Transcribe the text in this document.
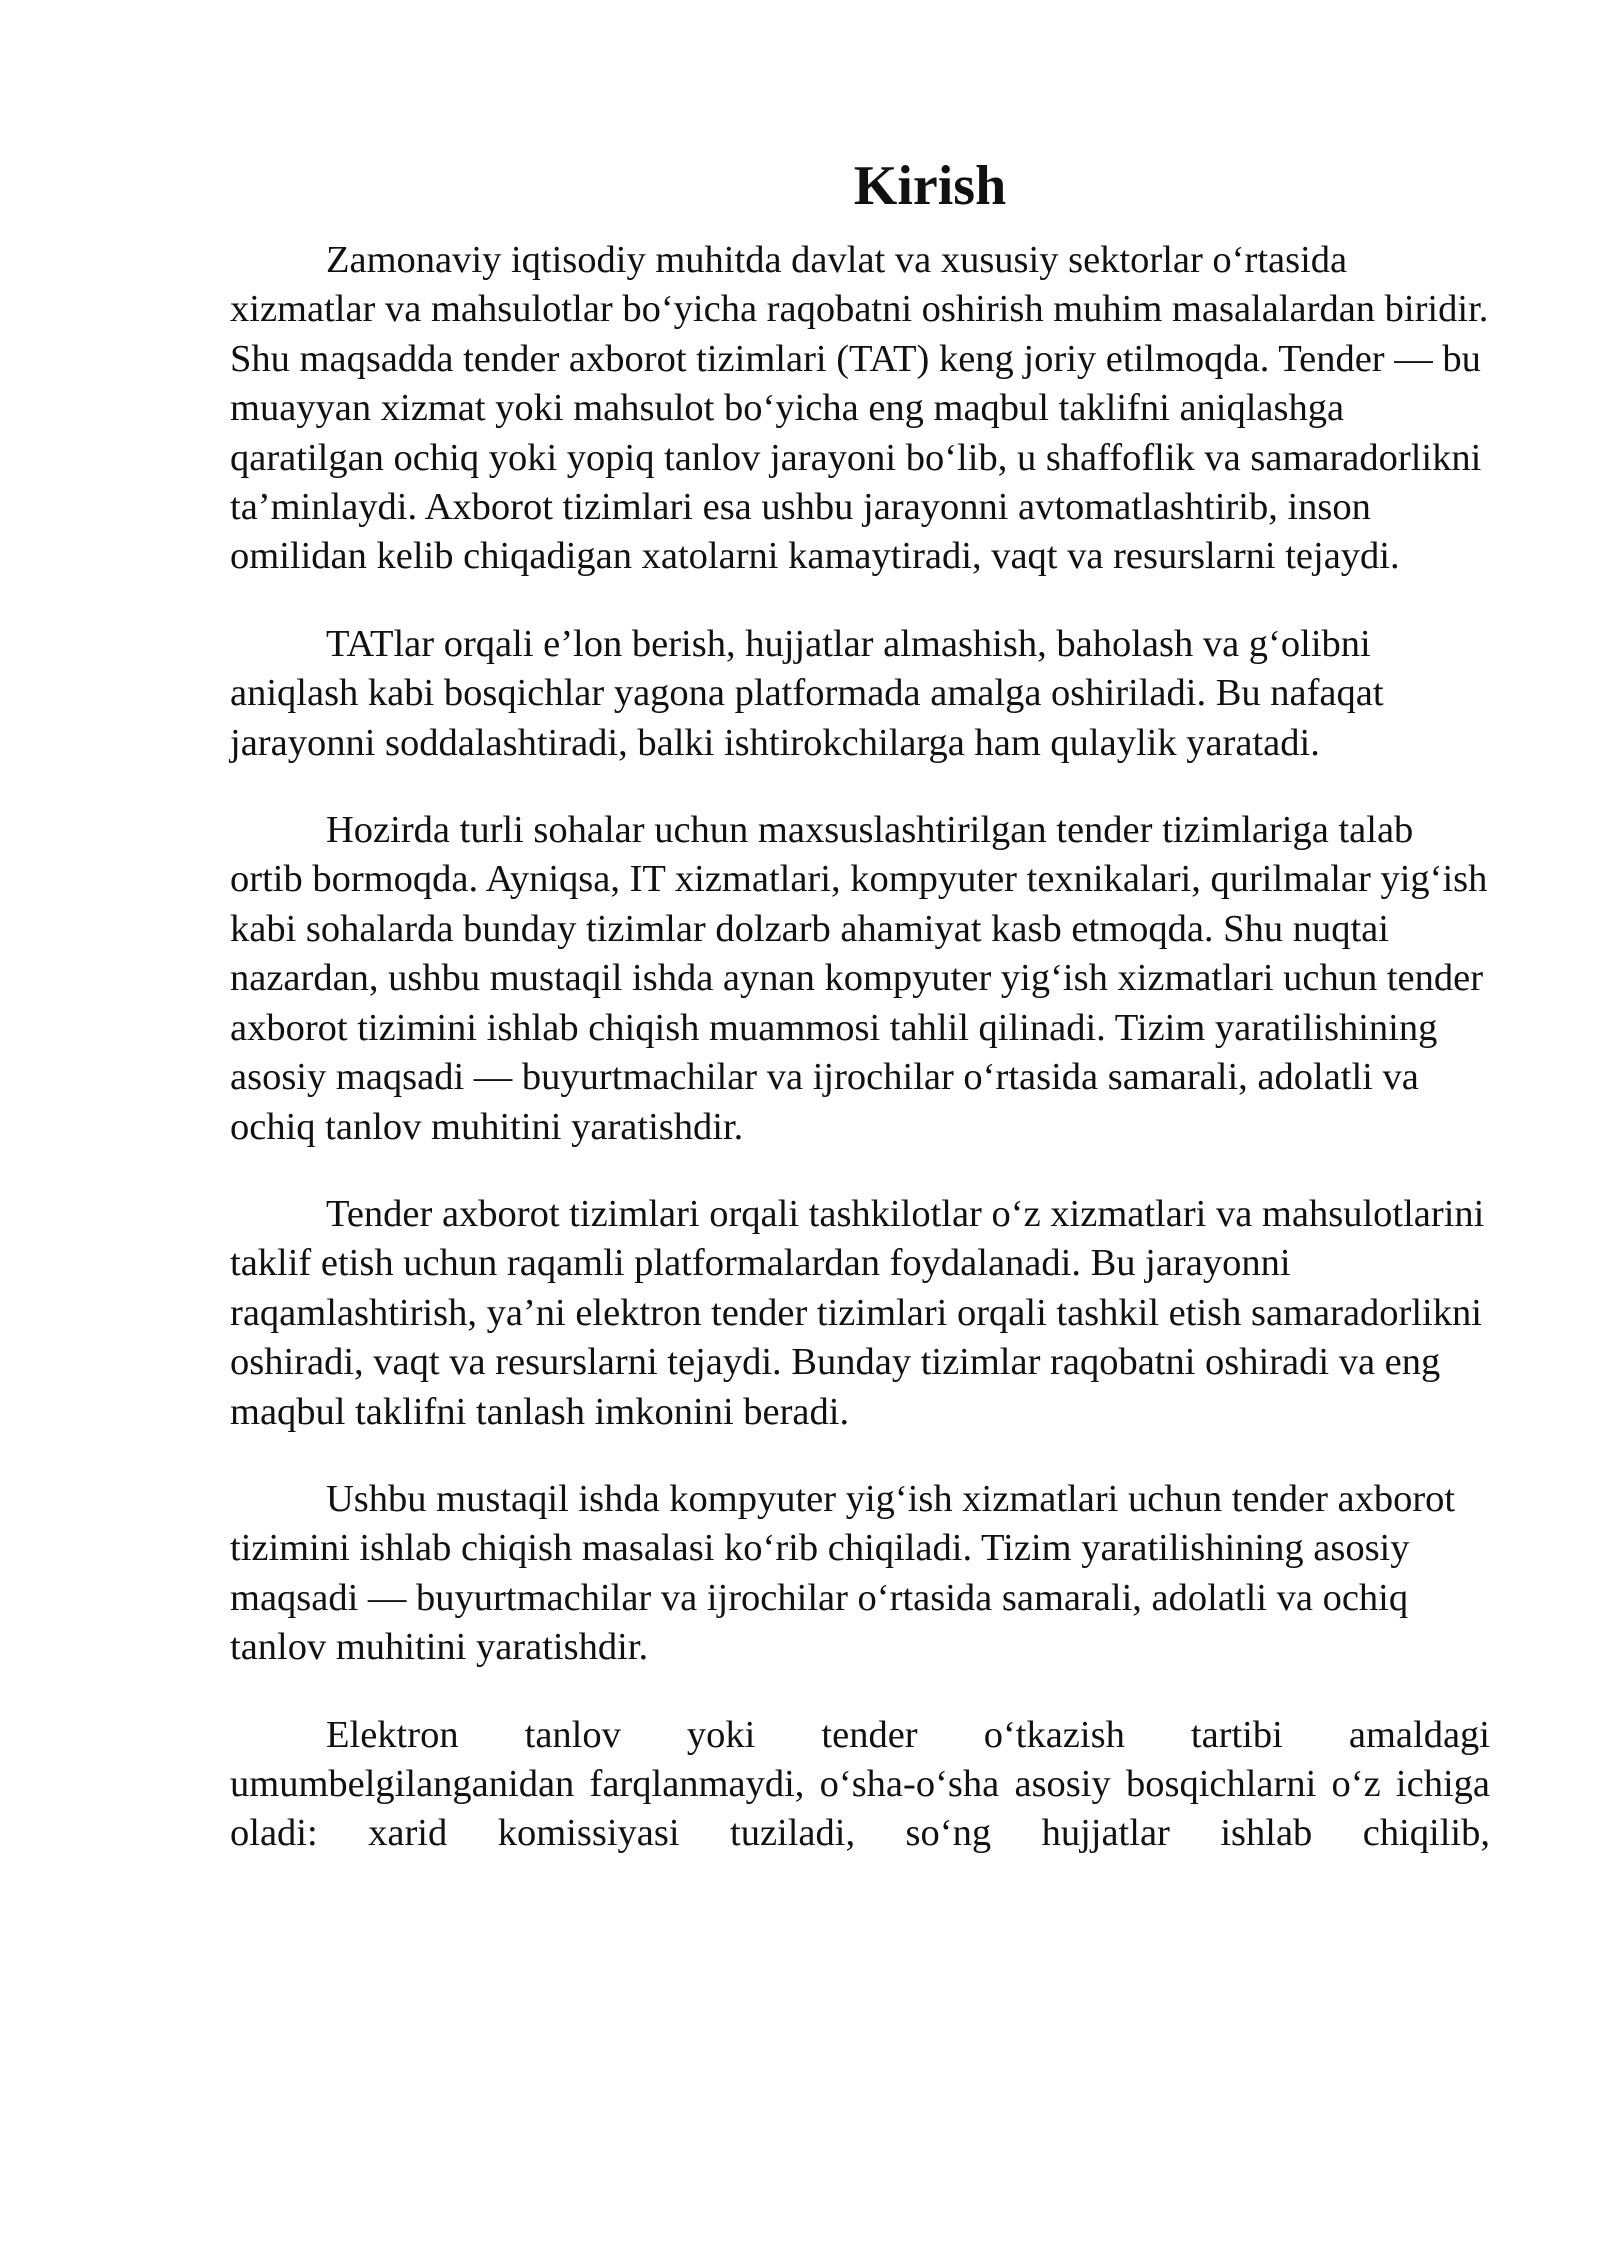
Kirish

Zamonaviy iqtisodiy muhitda davlat va xususiy sektorlar o‘rtasida xizmatlar va mahsulotlar bo‘yicha raqobatni oshirish muhim masalalardan biridir. Shu maqsadda tender axborot tizimlari (TAT) keng joriy etilmoqda. Tender — bu muayyan xizmat yoki mahsulot bo‘yicha eng maqbul taklifni aniqlashga qaratilgan ochiq yoki yopiq tanlov jarayoni bo‘lib, u shaffoflik va samaradorlikni ta’minlaydi. Axborot tizimlari esa ushbu jarayonni avtomatlashtirib, inson omilidan kelib chiqadigan xatolarni kamaytiradi, vaqt va resurslarni tejaydi.

TATlar orqali e’lon berish, hujjatlar almashish, baholash va g‘olibni aniqlash kabi bosqichlar yagona platformada amalga oshiriladi. Bu nafaqat jarayonni soddalashtiradi, balki ishtirokchilarga ham qulaylik yaratadi.

Hozirda turli sohalar uchun maxsuslashtirilgan tender tizimlariga talab ortib bormoqda. Ayniqsa, IT xizmatlari, kompyuter texnikalari, qurilmalar yig‘ish kabi sohalarda bunday tizimlar dolzarb ahamiyat kasb etmoqda. Shu nuqtai nazardan, ushbu mustaqil ishda aynan kompyuter yig‘ish xizmatlari uchun tender axborot tizimini ishlab chiqish muammosi tahlil qilinadi. Tizim yaratilishining asosiy maqsadi — buyurtmachilar va ijrochilar o‘rtasida samarali, adolatli va ochiq tanlov muhitini yaratishdir.

Tender axborot tizimlari orqali tashkilotlar o‘z xizmatlari va mahsulotlarini taklif etish uchun raqamli platformalardan foydalanadi. Bu jarayonni raqamlashtirish, ya’ni elektron tender tizimlari orqali tashkil etish samaradorlikni oshiradi, vaqt va resurslarni tejaydi. Bunday tizimlar raqobatni oshiradi va eng maqbul taklifni tanlash imkonini beradi.

Ushbu mustaqil ishda kompyuter yig‘ish xizmatlari uchun tender axborot tizimini ishlab chiqish masalasi ko‘rib chiqiladi. Tizim yaratilishining asosiy maqsadi — buyurtmachilar va ijrochilar o‘rtasida samarali, adolatli va ochiq tanlov muhitini yaratishdir.

Elektron tanlov yoki tender o‘tkazish tartibi amaldagi umumbelgilanganidan farqlanmaydi, o‘sha-o‘sha asosiy bosqichlarni o‘z ichiga oladi: xarid komissiyasi tuziladi, so‘ng hujjatlar ishlab chiqilib,
